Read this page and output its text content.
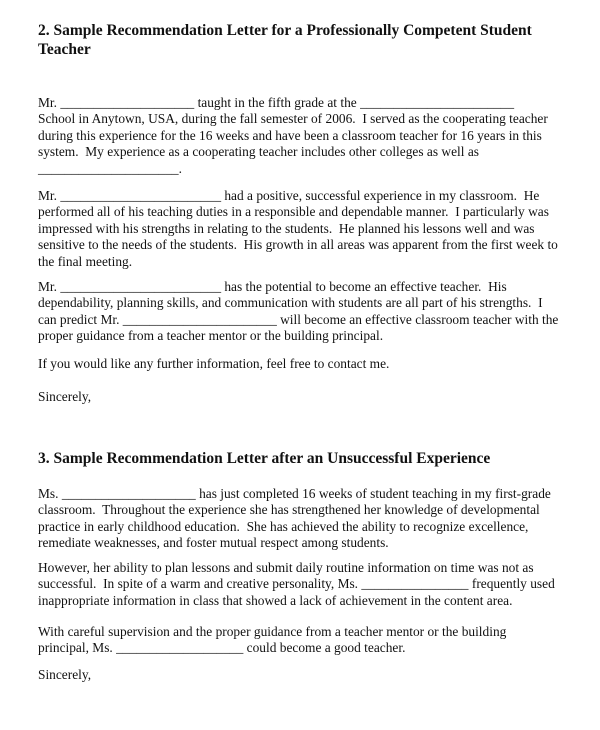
2. Sample Recommendation Letter for a Professionally Competent Student
Teacher
Mr. ____________________ taught in the fifth grade at the _______________________
School in Anytown, USA, during the fall semester of 2006.  I served as the cooperating teacher
during this experience for the 16 weeks and have been a classroom teacher for 16 years in this
system.  My experience as a cooperating teacher includes other colleges as well as
_____________________.
Mr. ________________________ had a positive, successful experience in my classroom.  He
performed all of his teaching duties in a responsible and dependable manner.  I particularly was
impressed with his strengths in relating to the students.  He planned his lessons well and was
sensitive to the needs of the students.  His growth in all areas was apparent from the first week to
the final meeting.
Mr. ________________________ has the potential to become an effective teacher.  His
dependability, planning skills, and communication with students are all part of his strengths.  I
can predict Mr. _______________________ will become an effective classroom teacher with the
proper guidance from a teacher mentor or the building principal.
If you would like any further information, feel free to contact me.
Sincerely,
3. Sample Recommendation Letter after an Unsuccessful Experience
Ms. ____________________ has just completed 16 weeks of student teaching in my first-grade
classroom.  Throughout the experience she has strengthened her knowledge of developmental
practice in early childhood education.  She has achieved the ability to recognize excellence,
remediate weaknesses, and foster mutual respect among students.
However, her ability to plan lessons and submit daily routine information on time was not as
successful.  In spite of a warm and creative personality, Ms. ________________ frequently used
inappropriate information in class that showed a lack of achievement in the content area.
With careful supervision and the proper guidance from a teacher mentor or the building
principal, Ms. ___________________ could become a good teacher.
Sincerely,
